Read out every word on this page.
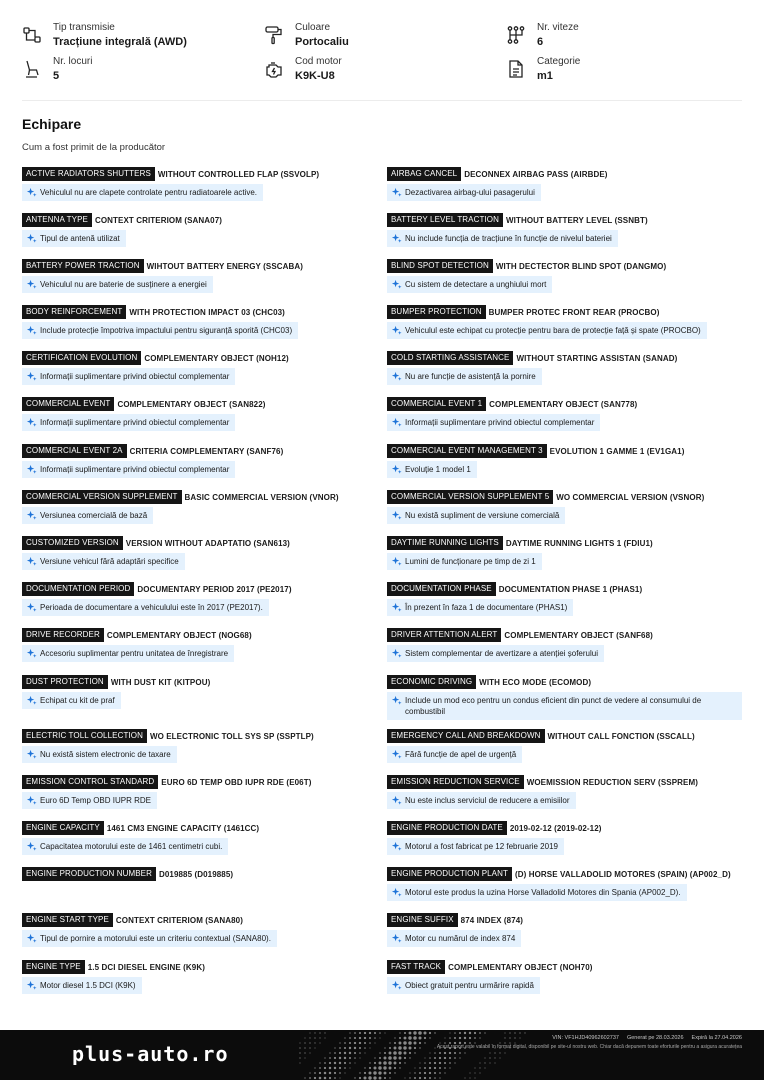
Tip transmisie
Tracțiune integrală (AWD)
Culoare
Portocaliu
Nr. viteze
6
Nr. locuri
5
Cod motor
K9K-U8
Categorie
m1
Echipare
Cum a fost primit de la producător
ACTIVE RADIATORS SHUTTERS WITHOUT CONTROLLED FLAP (SSVOLP)
Vehiculul nu are clapete controlate pentru radiatoarele active.
AIRBAG CANCEL DECONNEX AIRBAG PASS (AIRBDE)
Dezactivarea airbag-ului pasagerului
ANTENNA TYPE CONTEXT CRITERIOM (SANA07)
Tipul de antenă utilizat
BATTERY LEVEL TRACTION WITHOUT BATTERY LEVEL (SSNBT)
Nu include funcția de tracțiune în funcție de nivelul bateriei
BATTERY POWER TRACTION WIHTOUT BATTERY ENERGY (SSCABA)
Vehiculul nu are baterie de susținere a energiei
BLIND SPOT DETECTION WITH DECTECTOR BLIND SPOT (DANGMO)
Cu sistem de detectare a unghiului mort
BODY REINFORCEMENT WITH PROTECTION IMPACT 03 (CHC03)
Include protecție împotriva impactului pentru siguranță sporită (CHC03)
BUMPER PROTECTION BUMPER PROTEC FRONT REAR (PROCBO)
Vehiculul este echipat cu protecție pentru bara de protecție față și spate (PROCBO)
CERTIFICATION EVOLUTION COMPLEMENTARY OBJECT (NOH12)
Informații suplimentare privind obiectul complementar
COLD STARTING ASSISTANCE WITHOUT STARTING ASSISTAN (SANAD)
Nu are funcție de asistență la pornire
COMMERCIAL EVENT COMPLEMENTARY OBJECT (SAN822)
Informații suplimentare privind obiectul complementar
COMMERCIAL EVENT 1 COMPLEMENTARY OBJECT (SAN778)
Informații suplimentare privind obiectul complementar
COMMERCIAL EVENT 2A CRITERIA COMPLEMENTARY (SANF76)
Informații suplimentare privind obiectul complementar
COMMERCIAL EVENT MANAGEMENT 3 EVOLUTION 1 GAMME 1 (EV1GA1)
Evoluție 1 model 1
COMMERCIAL VERSION SUPPLEMENT BASIC COMMERCIAL VERSION (VNOR)
Versiunea comercială de bază
COMMERCIAL VERSION SUPPLEMENT 5 WO COMMERCIAL VERSION (VSNOR)
Nu există supliment de versiune comercială
CUSTOMIZED VERSION VERSION WITHOUT ADAPTATIO (SAN613)
Versiune vehicul fără adaptări specifice
DAYTIME RUNNING LIGHTS DAYTIME RUNNING LIGHTS 1 (FDIU1)
Lumini de funcționare pe timp de zi 1
DOCUMENTATION PERIOD DOCUMENTARY PERIOD 2017 (PE2017)
Perioada de documentare a vehiculului este în 2017 (PE2017).
DOCUMENTATION PHASE DOCUMENTATION PHASE 1 (PHAS1)
În prezent în faza 1 de documentare (PHAS1)
DRIVE RECORDER COMPLEMENTARY OBJECT (NOG68)
Accesoriu suplimentar pentru unitatea de înregistrare
DRIVER ATTENTION ALERT COMPLEMENTARY OBJECT (SANF68)
Sistem complementar de avertizare a atenției șoferului
DUST PROTECTION WITH DUST KIT (KITPOU)
Echipat cu kit de praf
ECONOMIC DRIVING WITH ECO MODE (ECOMOD)
Include un mod eco pentru un condus eficient din punct de vedere al consumului de combustibil
ELECTRIC TOLL COLLECTION WO ELECTRONIC TOLL SYS SP (SSPTLP)
Nu există sistem electronic de taxare
EMERGENCY CALL AND BREAKDOWN WITHOUT CALL FONCTION (SSCALL)
Fără funcție de apel de urgență
EMISSION CONTROL STANDARD EURO 6D TEMP OBD IUPR RDE (E06T)
Euro 6D Temp OBD IUPR RDE
EMISSION REDUCTION SERVICE WOEMISSION REDUCTION SERV (SSPREM)
Nu este inclus serviciul de reducere a emisiilor
ENGINE CAPACITY 1461 CM3 ENGINE CAPACITY (1461CC)
Capacitatea motorului este de 1461 centimetri cubi.
ENGINE PRODUCTION DATE 2019-02-12 (2019-02-12)
Motorul a fost fabricat pe 12 februarie 2019
ENGINE PRODUCTION NUMBER D019885 (D019885)	ENGINE PRODUCTION PLANT (D) HORSE VALLADOLID MOTORES (SPAIN) (AP002_D)
Motorul este produs la uzina Horse Valladolid Motores din Spania (AP002_D).
ENGINE START TYPE CONTEXT CRITERIOM (SANA80)
Tipul de pornire a motorului este un criteriu contextual (SANA80).
ENGINE SUFFIX 874 INDEX (874)
Motor cu numărul de index 874
ENGINE TYPE 1.5 DCI DIESEL ENGINE (K9K)
Motor diesel 1.5 DCI (K9K)
FAST TRACK COMPLEMENTARY OBJECT (NOH70)
Obiect gratuit pentru urmărire rapidă
plus-auto.ro
VIN: VF1HJD40962602737 Generat pe 28.03.2026 Expiră la 27.04.2026
Acest raport este valabil în format digital, disponibil pe site-ul nostru web. Chiar dacă depunem toate eforturile pentru a asigura acuratețea
